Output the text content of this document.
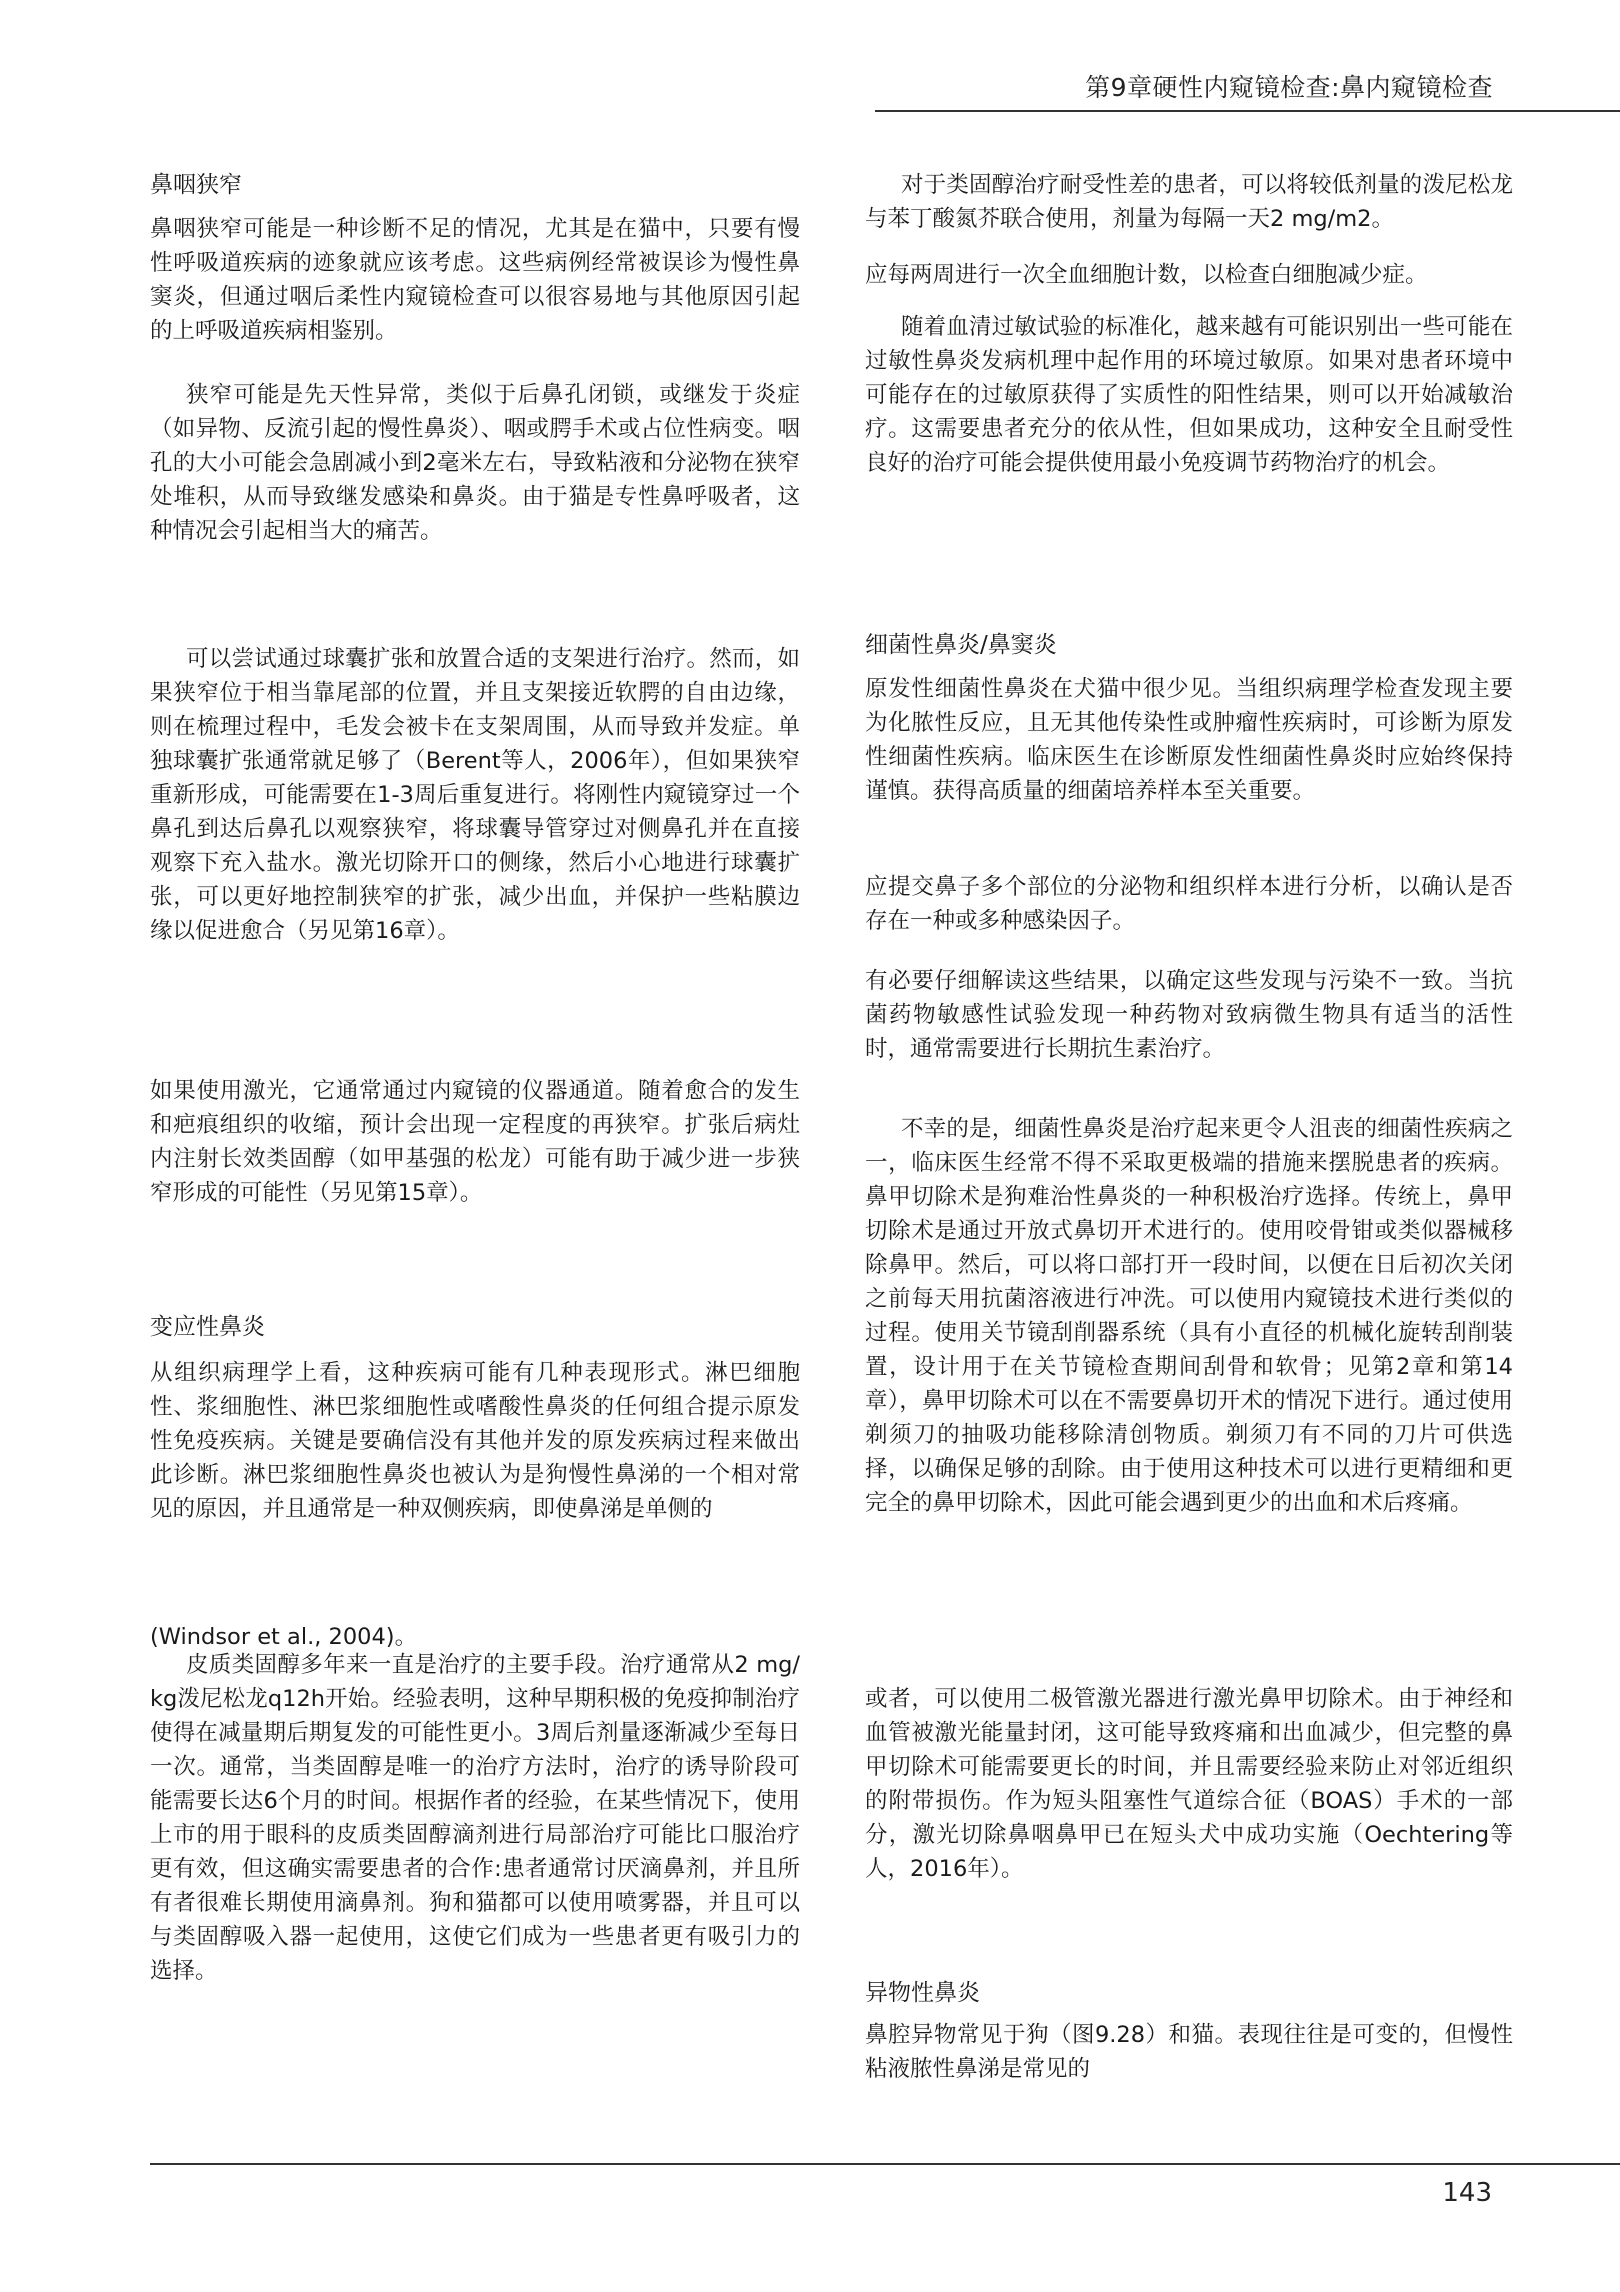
第9章硬性内窥镜检查:鼻内窥镜检查
鼻咽狭窄
鼻咽狭窄可能是一种诊断不足的情况，尤其是在猫中，只要有慢性呼吸道疾病的迹象就应该考虑。这些病例经常被误诊为慢性鼻窦炎，但通过咽后柔性内窥镜检查可以很容易地与其他原因引起的上呼吸道疾病相鉴别。
狭窄可能是先天性异常，类似于后鼻孔闭锁，或继发于炎症（如异物、反流引起的慢性鼻炎）、咽或腭手术或占位性病变。咽孔的大小可能会急剧减小到2毫米左右，导致粘液和分泌物在狭窄处堆积，从而导致继发感染和鼻炎。由于猫是专性鼻呼吸者，这种情况会引起相当大的痛苦。
可以尝试通过球囊扩张和放置合适的支架进行治疗。然而，如果狭窄位于相当靠尾部的位置，并且支架接近软腭的自由边缘，则在梳理过程中，毛发会被卡在支架周围，从而导致并发症。单独球囊扩张通常就足够了（Berent等人，2006年），但如果狭窄重新形成，可能需要在1-3周后重复进行。将刚性内窥镜穿过一个鼻孔到达后鼻孔以观察狭窄，将球囊导管穿过对侧鼻孔并在直接观察下充入盐水。激光切除开口的侧缘，然后小心地进行球囊扩张，可以更好地控制狭窄的扩张，减少出血，并保护一些粘膜边缘以促进愈合（另见第16章）。
如果使用激光，它通常通过内窥镜的仪器通道。随着愈合的发生和疤痕组织的收缩，预计会出现一定程度的再狭窄。扩张后病灶内注射长效类固醇（如甲基强的松龙）可能有助于减少进一步狭窄形成的可能性（另见第15章）。
变应性鼻炎
从组织病理学上看，这种疾病可能有几种表现形式。淋巴细胞性、浆细胞性、淋巴浆细胞性或嗜酸性鼻炎的任何组合提示原发性免疫疾病。关键是要确信没有其他并发的原发疾病过程来做出此诊断。淋巴浆细胞性鼻炎也被认为是狗慢性鼻涕的一个相对常见的原因，并且通常是一种双侧疾病，即使鼻涕是单侧的
(Windsor et al., 2004)。
皮质类固醇多年来一直是治疗的主要手段。治疗通常从2 mg/kg泼尼松龙q12h开始。经验表明，这种早期积极的免疫抑制治疗使得在减量期后期复发的可能性更小。3周后剂量逐渐减少至每日一次。通常，当类固醇是唯一的治疗方法时，治疗的诱导阶段可能需要长达6个月的时间。根据作者的经验，在某些情况下，使用上市的用于眼科的皮质类固醇滴剂进行局部治疗可能比口服治疗更有效，但这确实需要患者的合作:患者通常讨厌滴鼻剂，并且所有者很难长期使用滴鼻剂。狗和猫都可以使用喷雾器，并且可以与类固醇吸入器一起使用，这使它们成为一些患者更有吸引力的选择。
对于类固醇治疗耐受性差的患者，可以将较低剂量的泼尼松龙与苯丁酸氮芥联合使用，剂量为每隔一天2 mg/m2。
应每两周进行一次全血细胞计数，以检查白细胞减少症。
随着血清过敏试验的标准化，越来越有可能识别出一些可能在过敏性鼻炎发病机理中起作用的环境过敏原。如果对患者环境中可能存在的过敏原获得了实质性的阳性结果，则可以开始减敏治疗。这需要患者充分的依从性，但如果成功，这种安全且耐受性良好的治疗可能会提供使用最小免疫调节药物治疗的机会。
细菌性鼻炎/鼻窦炎
原发性细菌性鼻炎在犬猫中很少见。当组织病理学检查发现主要为化脓性反应，且无其他传染性或肿瘤性疾病时，可诊断为原发性细菌性疾病。临床医生在诊断原发性细菌性鼻炎时应始终保持谨慎。获得高质量的细菌培养样本至关重要。
应提交鼻子多个部位的分泌物和组织样本进行分析，以确认是否存在一种或多种感染因子。
有必要仔细解读这些结果，以确定这些发现与污染不一致。当抗菌药物敏感性试验发现一种药物对致病微生物具有适当的活性时，通常需要进行长期抗生素治疗。
不幸的是，细菌性鼻炎是治疗起来更令人沮丧的细菌性疾病之一，临床医生经常不得不采取更极端的措施来摆脱患者的疾病。鼻甲切除术是狗难治性鼻炎的一种积极治疗选择。传统上，鼻甲切除术是通过开放式鼻切开术进行的。使用咬骨钳或类似器械移除鼻甲。然后，可以将口部打开一段时间，以便在日后初次关闭之前每天用抗菌溶液进行冲洗。可以使用内窥镜技术进行类似的过程。使用关节镜刮削器系统（具有小直径的机械化旋转刮削装置，设计用于在关节镜检查期间刮骨和软骨；见第2章和第14章），鼻甲切除术可以在不需要鼻切开术的情况下进行。通过使用剃须刀的抽吸功能移除清创物质。剃须刀有不同的刀片可供选择，以确保足够的刮除。由于使用这种技术可以进行更精细和更完全的鼻甲切除术，因此可能会遇到更少的出血和术后疼痛。
或者，可以使用二极管激光器进行激光鼻甲切除术。由于神经和血管被激光能量封闭，这可能导致疼痛和出血减少，但完整的鼻甲切除术可能需要更长的时间，并且需要经验来防止对邻近组织的附带损伤。作为短头阻塞性气道综合征（BOAS）手术的一部分，激光切除鼻咽鼻甲已在短头犬中成功实施（Oechtering等人，2016年）。
异物性鼻炎
鼻腔异物常见于狗（图9.28）和猫。表现往往是可变的，但慢性粘液脓性鼻涕是常见的
143
